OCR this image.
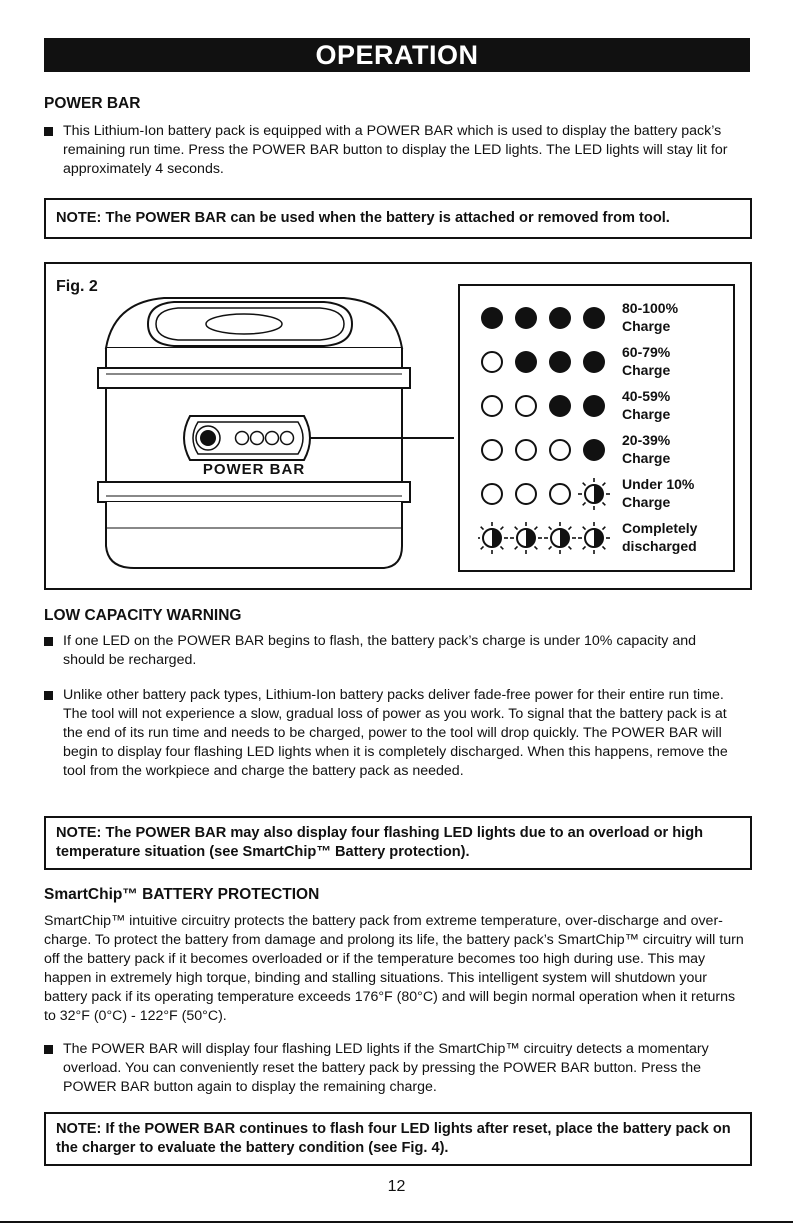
OPERATION
POWER BAR
This Lithium-Ion battery pack is equipped with a POWER BAR which is used to display the battery pack’s remaining run time. Press the POWER BAR button to display the LED lights. The LED lights will stay lit for approximately 4 seconds.
NOTE: The POWER BAR can be used when the battery is attached or removed from tool.
Fig. 2
POWER BAR
80-100%
Charge
60-79%
Charge
40-59%
Charge
20-39%
Charge
Under 10%
Charge
Completely
discharged
LOW CAPACITY WARNING
If one LED on the POWER BAR begins to flash, the battery pack’s charge is under 10% capacity and should be recharged.
Unlike other battery pack types, Lithium-Ion battery packs deliver fade-free power for their entire run time. The tool will not experience a slow, gradual loss of power as you work. To signal that the battery pack is at the end of its run time and needs to be charged, power to the tool will drop quickly. The POWER BAR will begin to display four flashing LED lights when it is completely discharged. When this happens, remove the tool from the workpiece and charge the battery pack as needed.
NOTE: The POWER BAR may also display four flashing LED lights due to an overload or high temperature situation (see SmartChip™ Battery protection).
SmartChip™ BATTERY PROTECTION
SmartChip™ intuitive circuitry protects the battery pack from extreme temperature, over-discharge and over-charge. To protect the battery from damage and prolong its life, the battery pack’s SmartChip™ circuitry will turn off the battery pack if it becomes overloaded or if the temperature becomes too high during use. This may happen in extremely high torque, binding and stalling situations. This intelligent system will shutdown your battery pack if its operating temperature exceeds 176°F (80°C) and will begin normal operation when it returns to 32°F (0°C) - 122°F (50°C).
The POWER BAR will display four flashing LED lights if the SmartChip™ circuitry detects a momentary overload. You can conveniently reset the battery pack by pressing the POWER BAR button. Press the POWER BAR button again to display the remaining charge.
NOTE: If the POWER BAR continues to flash four LED lights after reset, place the battery pack on the charger to evaluate the battery condition (see Fig. 4).
12
